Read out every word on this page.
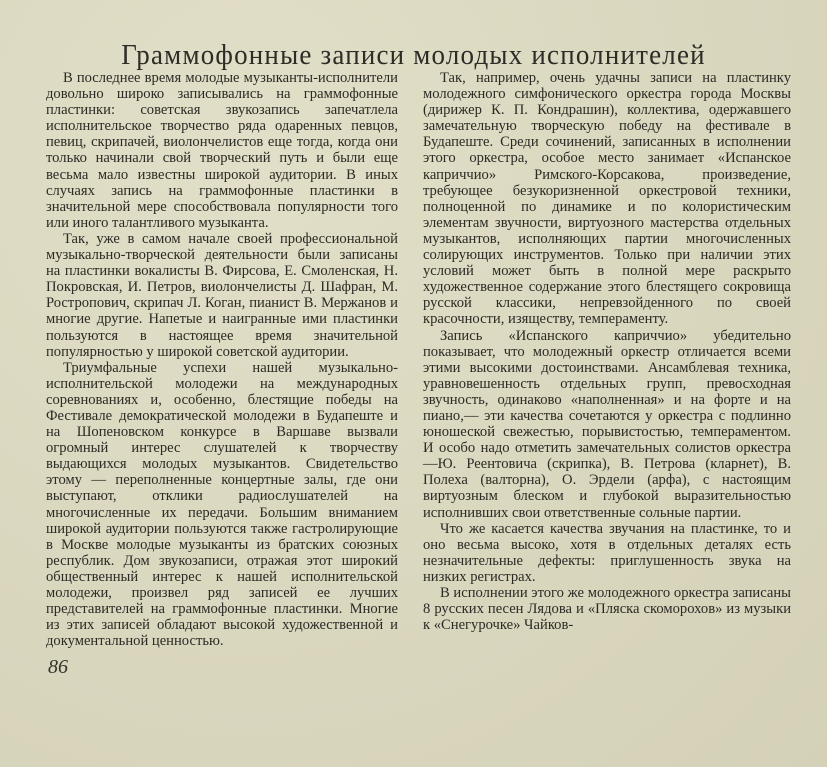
Граммофонные записи молодых исполнителей

В последнее время молодые музыканты-исполнители довольно широко записывались на граммофонные пластинки: советская звукозапись запечатлела исполнительское творчество ряда одаренных певцов, певиц, скрипачей, виолончелистов еще тогда, когда они только начинали свой творческий путь и были еще весьма мало известны широкой аудитории. В иных случаях запись на граммофонные пластинки в значительной мере способствовала популярности того или иного талантливого музыканта.

Так, уже в самом начале своей профессиональной музыкально-творческой деятельности были записаны на пластинки вокалисты В. Фирсова, Е. Смоленская, Н. Покровская, И. Петров, виолончелисты Д. Шафран, М. Ростропович, скрипач Л. Коган, пианист В. Мержанов и многие другие. Напетые и наигранные ими пластинки пользуются в настоящее время значительной популярностью у широкой советской аудитории.

Триумфальные успехи нашей музыкально-исполнительской молодежи на международных соревнованиях и, особенно, блестящие победы на Фестивале демократической молодежи в Будапеште и на Шопеновском конкурсе в Варшаве вызвали огромный интерес слушателей к творчеству выдающихся молодых музыкантов. Свидетельство этому — переполненные концертные залы, где они выступают, отклики радиослушателей на многочисленные их передачи. Большим вниманием широкой аудитории пользуются также гастролирующие в Москве молодые музыканты из братских союзных республик. Дом звукозаписи, отражая этот широкий общественный интерес к нашей исполнительской молодежи, произвел ряд записей ее лучших представителей на граммофонные пластинки. Многие из этих записей обладают высокой художественной и документальной ценностью.

Так, например, очень удачны записи на пластинку молодежного симфонического оркестра города Москвы (дирижер К. П. Кондрашин), коллектива, одержавшего замечательную творческую победу на фестивале в Будапеште. Среди сочинений, записанных в исполнении этого оркестра, особое место занимает «Испанское каприччио» Римского-Корсакова, произведение, требующее безукоризненной оркестровой техники, полноценной по динамике и по колористическим элементам звучности, виртуозного мастерства отдельных музыкантов, исполняющих партии многочисленных солирующих инструментов. Только при наличии этих условий может быть в полной мере раскрыто художественное содержание этого блестящего сокровища русской классики, непревзойденного по своей красочности, изяществу, темпераменту.

Запись «Испанского каприччио» убедительно показывает, что молодежный оркестр отличается всеми этими высокими достоинствами. Ансамблевая техника, уравновешенность отдельных групп, превосходная звучность, одинаково «наполненная» и на форте и на пиано,— эти качества сочетаются у оркестра с подлинно юношеской свежестью, порывистостью, темпераментом. И особо надо отметить замечательных солистов оркестра—Ю. Реентовича (скрипка), В. Петрова (кларнет), В. Полеха (валторна), О. Эрдели (арфа), с настоящим виртуозным блеском и глубокой выразительностью исполнивших свои ответственные сольные партии.

Что же касается качества звучания на пластинке, то и оно весьма высоко, хотя в отдельных деталях есть незначительные дефекты: приглушенность звука на низких регистрах.

В исполнении этого же молодежного оркестра записаны 8 русских песен Лядова и «Пляска скоморохов» из музыки к «Снегурочке» Чайков-

86
